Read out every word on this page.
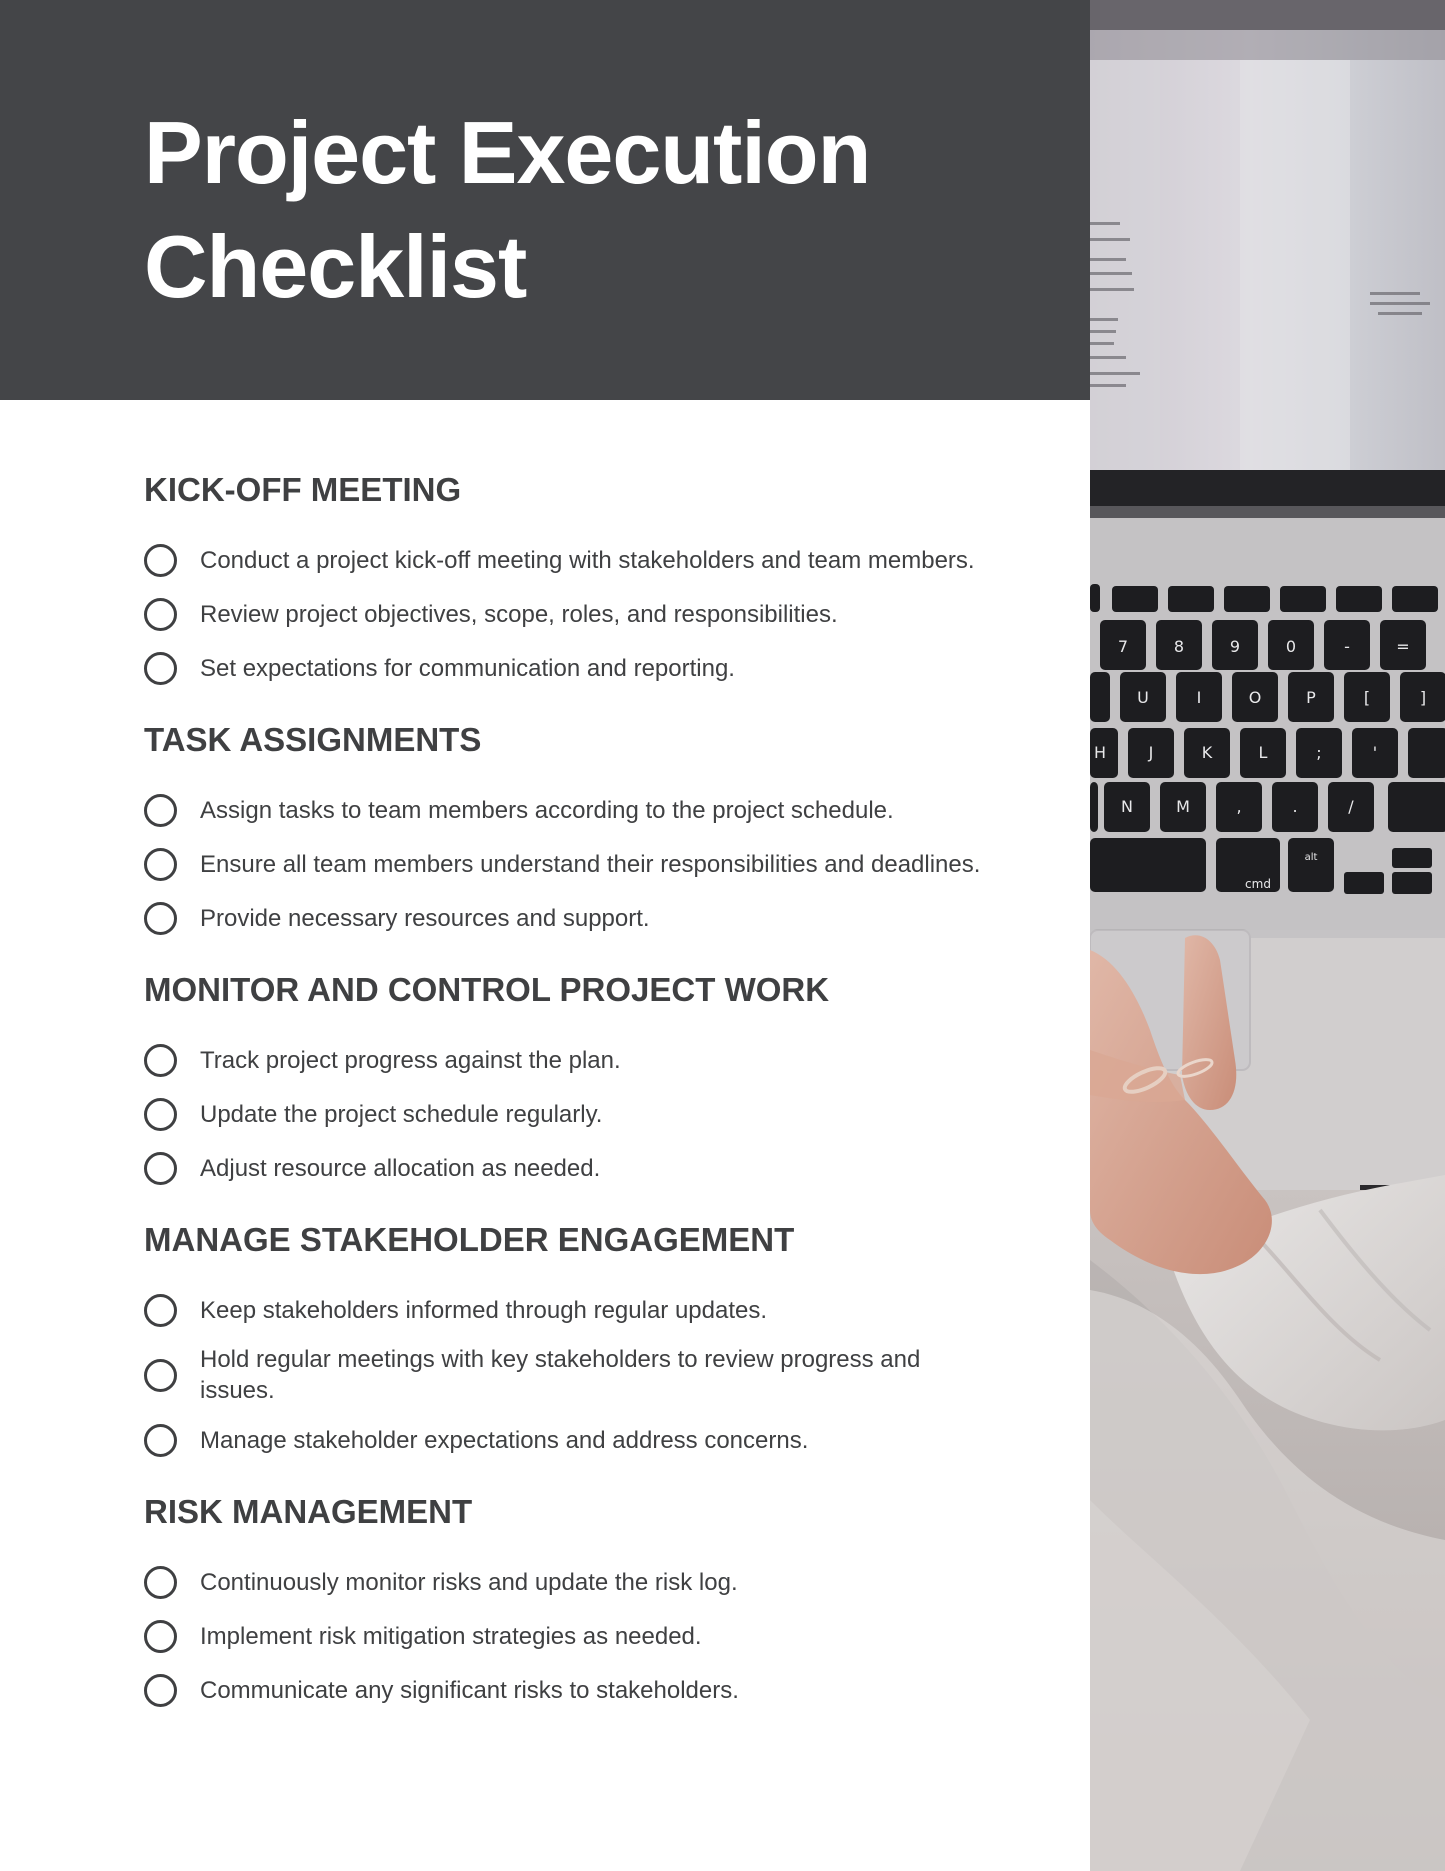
Project Execution
Checklist
KICK-OFF MEETING
Conduct a project kick-off meeting with stakeholders and team members.
Review project objectives, scope, roles, and responsibilities.
Set expectations for communication and reporting.
TASK ASSIGNMENTS
Assign tasks to team members according to the project schedule.
Ensure all team members understand their responsibilities and deadlines.
Provide necessary resources and support.
MONITOR AND CONTROL PROJECT WORK
Track project progress against the plan.
Update the project schedule regularly.
Adjust resource allocation as needed.
MANAGE STAKEHOLDER ENGAGEMENT
Keep stakeholders informed through regular updates.
Hold regular meetings with key stakeholders to review progress and issues.
Manage stakeholder expectations and address concerns.
RISK MANAGEMENT
Continuously monitor risks and update the risk log.
Implement risk mitigation strategies as needed.
Communicate any significant risks to stakeholders.
7	8	9	0	-	=
U	I	O	P	[	]
H	J	K	L	;	'
N	M	,	.	/
cmd
alt
